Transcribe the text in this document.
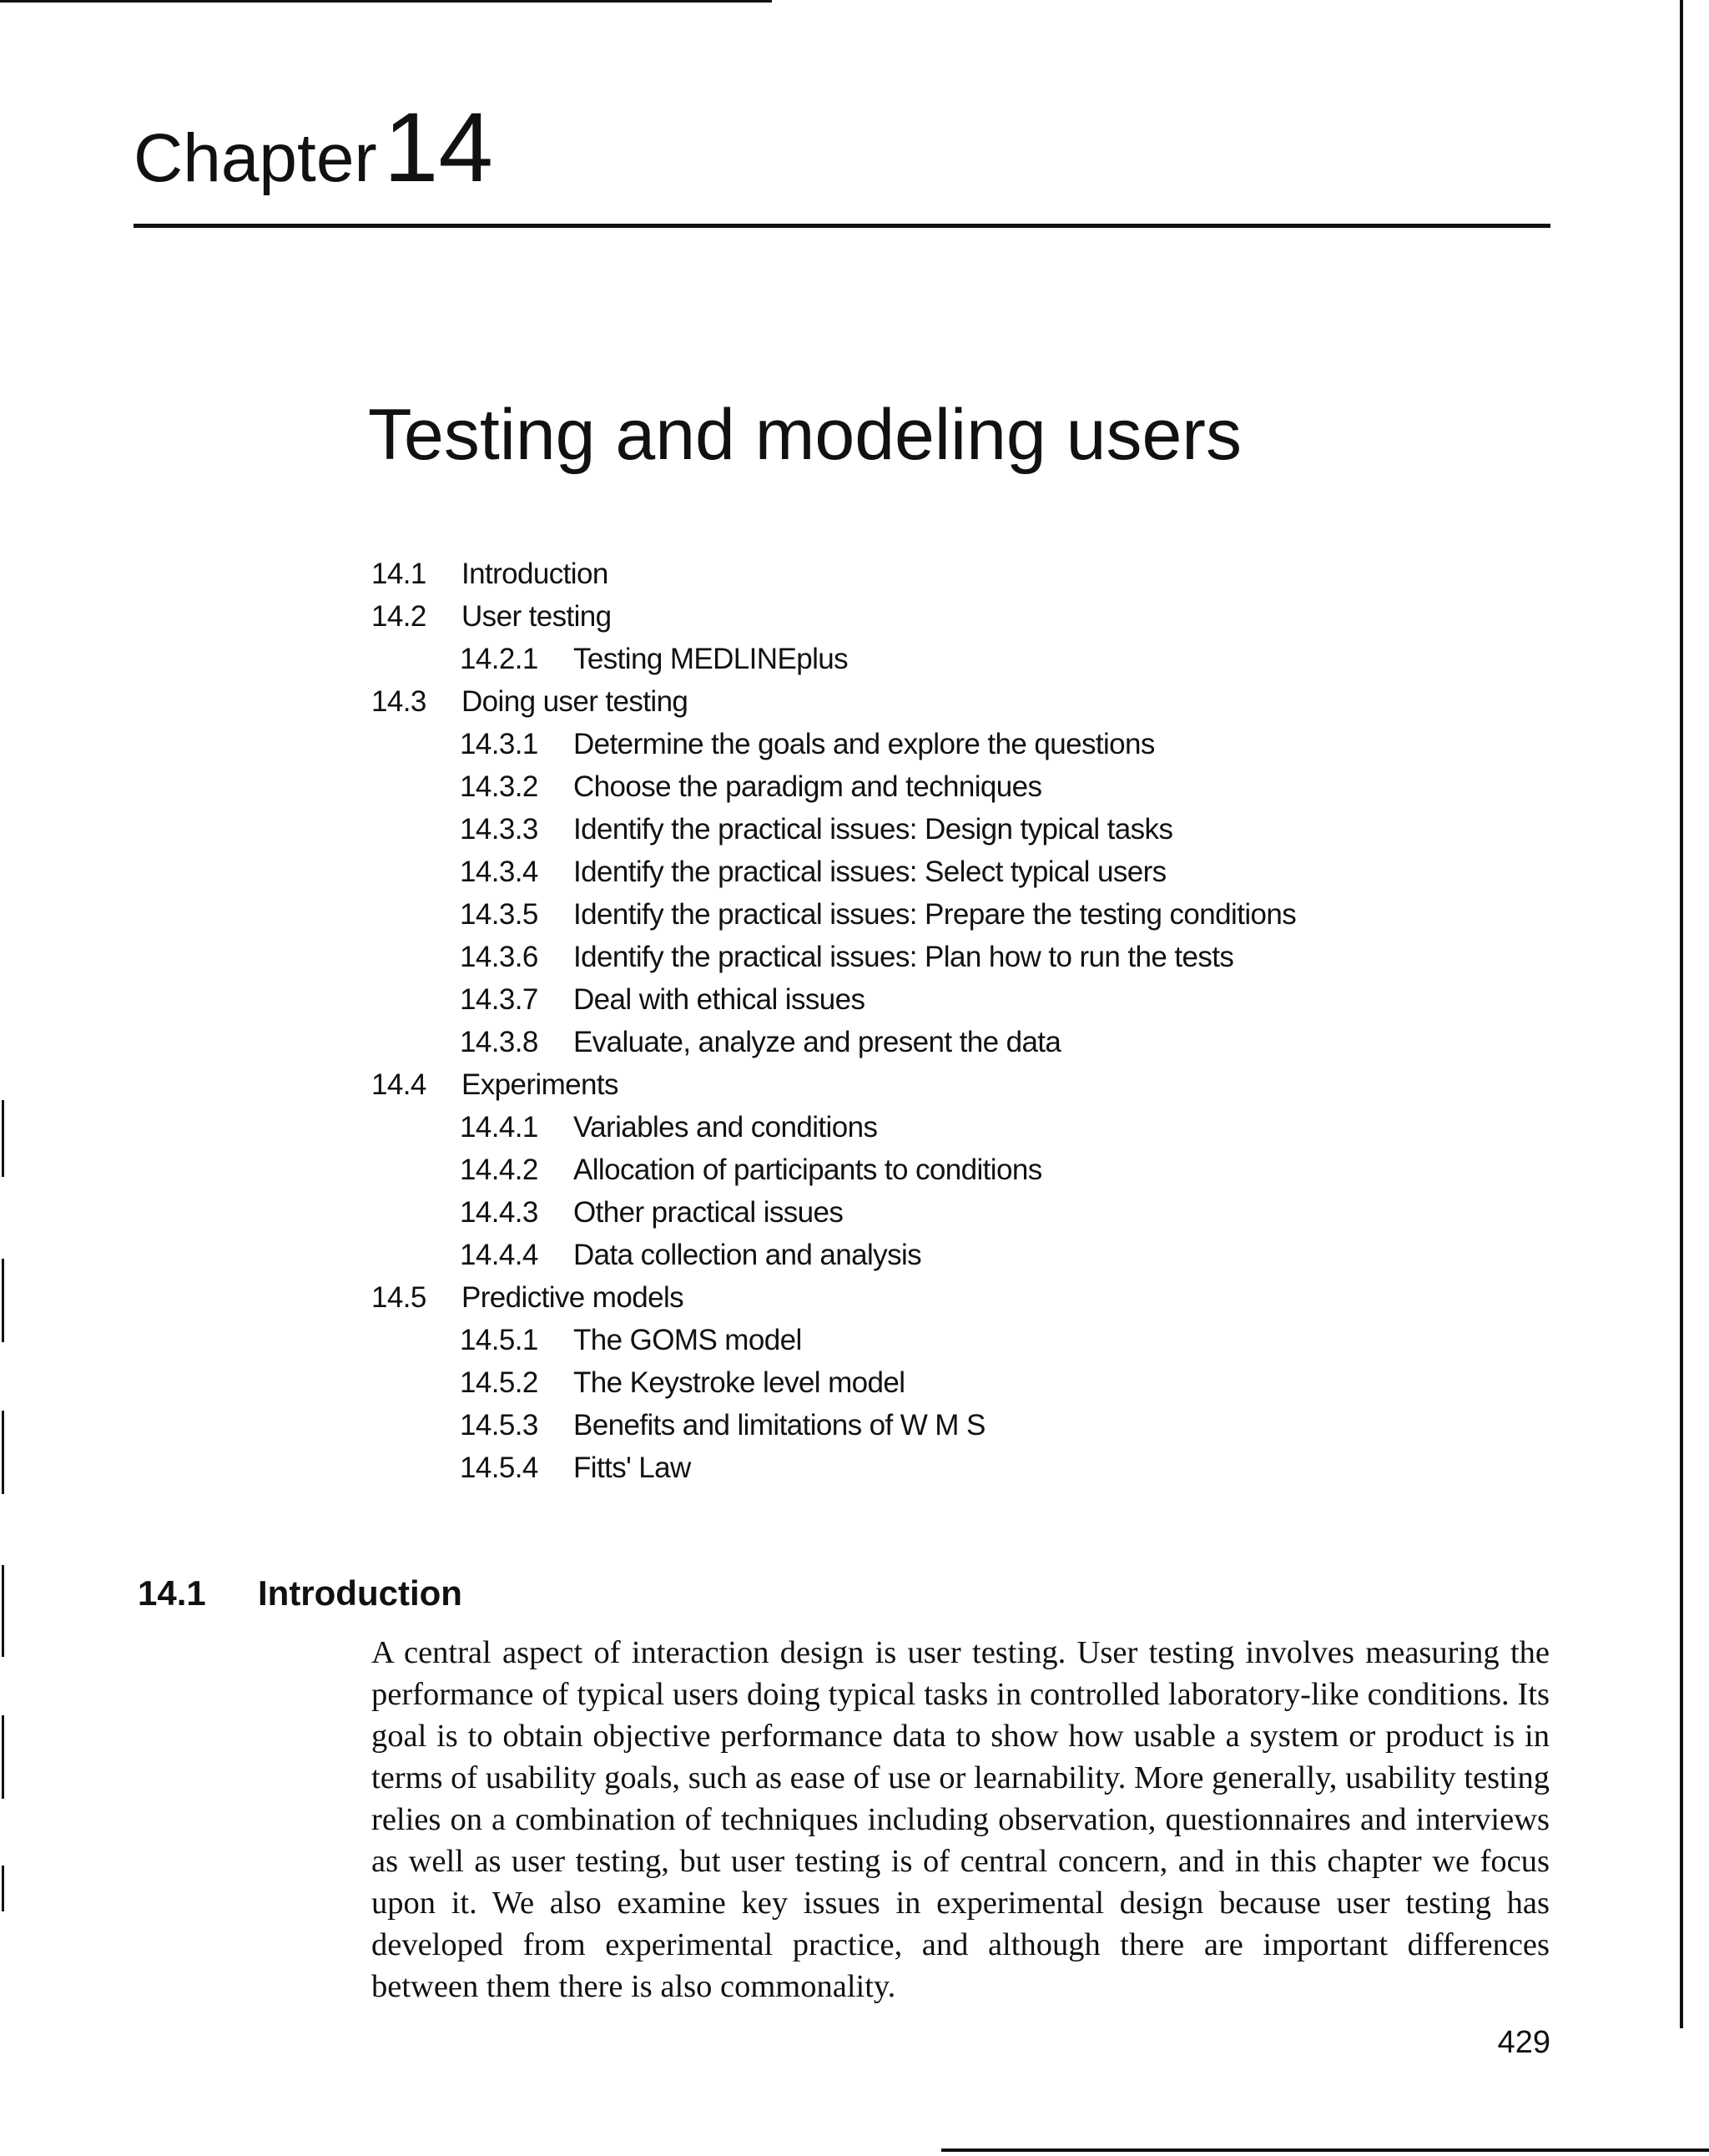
Chapter14
Testing and modeling users
14.1 Introduction
14.2 User testing
14.2.1 Testing MEDLINEplus
14.3 Doing user testing
14.3.1 Determine the goals and explore the questions
14.3.2 Choose the paradigm and techniques
14.3.3 Identify the practical issues: Design typical tasks
14.3.4 Identify the practical issues: Select typical users
14.3.5 Identify the practical issues: Prepare the testing conditions
14.3.6 Identify the practical issues: Plan how to run the tests
14.3.7 Deal with ethical issues
14.3.8 Evaluate, analyze and present the data
14.4 Experiments
14.4.1 Variables and conditions
14.4.2 Allocation of participants to conditions
14.4.3 Other practical issues
14.4.4 Data collection and analysis
14.5 Predictive models
14.5.1 The GOMS model
14.5.2 The Keystroke level model
14.5.3 Benefits and limitations of W M S
14.5.4 Fitts' Law
14.1 Introduction

A central aspect of interaction design is user testing. User testing involves measuring the performance of typical users doing typical tasks in controlled laboratory-like conditions. Its goal is to obtain objective performance data to show how usable a system or product is in terms of usability goals, such as ease of use or learnability. More generally, usability testing relies on a combination of techniques including observation, questionnaires and interviews as well as user testing, but user testing is of central concern, and in this chapter we focus upon it. We also examine key issues in experimental design because user testing has developed from experimental practice, and although there are important differences between them there is also commonality.

429
